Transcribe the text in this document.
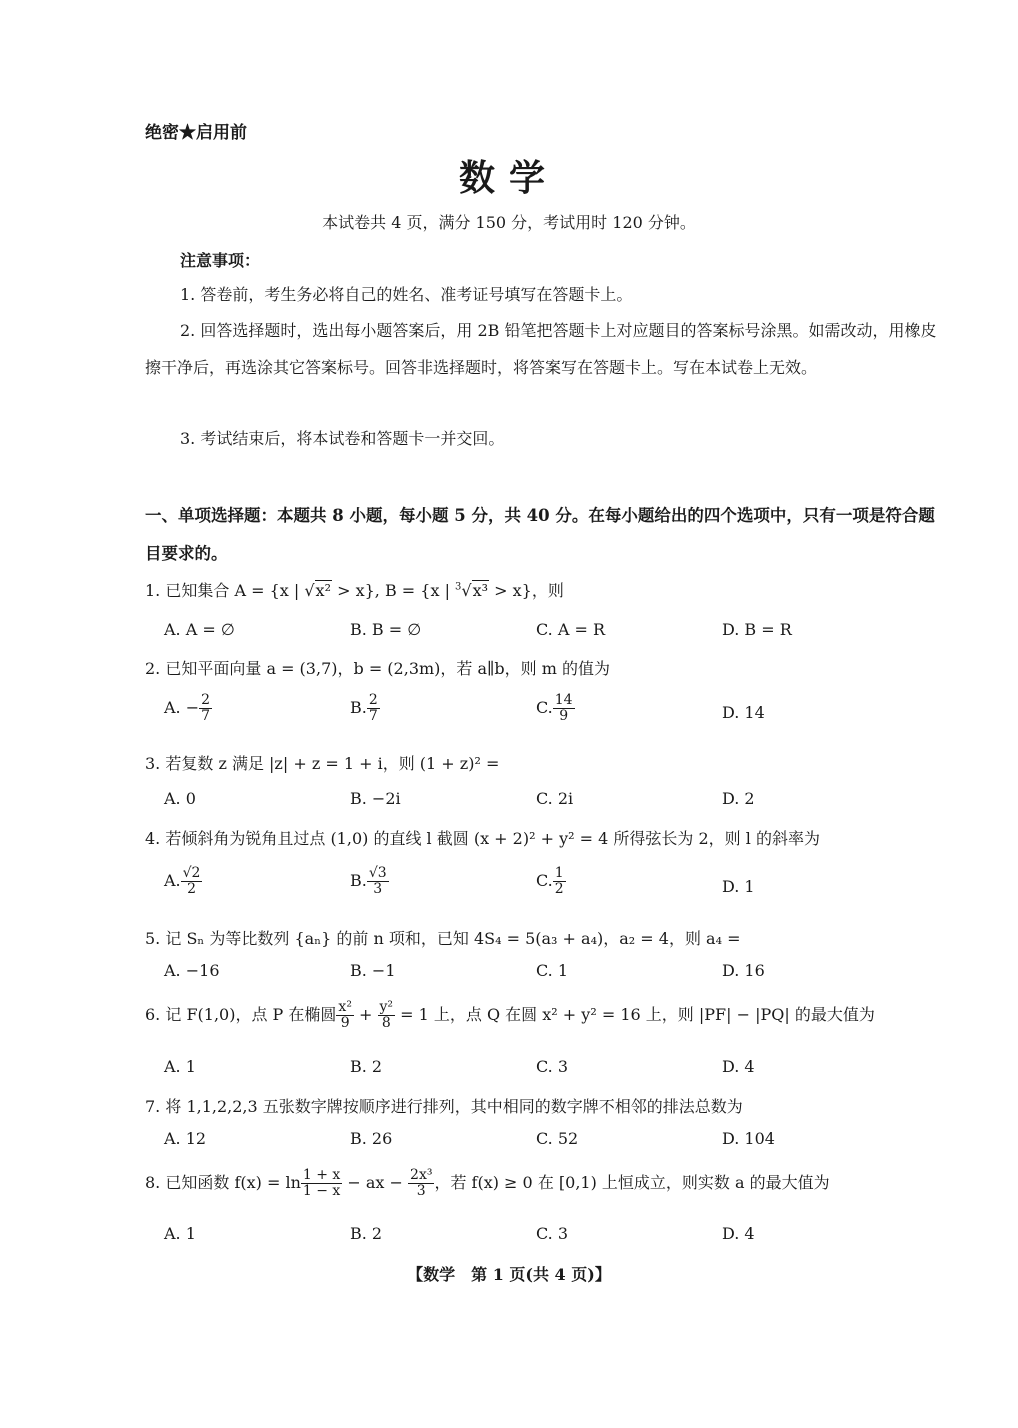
绝密★启用前
数学
本试卷共 4 页，满分 150 分，考试用时 120 分钟。
注意事项：
1. 答卷前，考生务必将自己的姓名、准考证号填写在答题卡上。
2. 回答选择题时，选出每小题答案后，用 2B 铅笔把答题卡上对应题目的答案标号涂黑。如需改动，用橡皮擦干净后，再选涂其它答案标号。回答非选择题时，将答案写在答题卡上。写在本试卷上无效。
3. 考试结束后，将本试卷和答题卡一并交回。
一、单项选择题：本题共 8 小题，每小题 5 分，共 40 分。在每小题给出的四个选项中，只有一项是符合题目要求的。
1. 已知集合 A = {x | √x² > x}, B = {x | $^3$√x³ > x}，则
A. A = ∅	B. B = ∅	C. A = R	D. B = R
2. 已知平面向量 a = (3,7)，b = (2,3m)，若 a∥b，则 m 的值为
A. − $\frac{2}{7}$	B. $\frac{2}{7}$	C. $\frac{14}{9}$	D. 14
3. 若复数 z 满足 |z| + z = 1 + i，则 (1 + z)² =
A. 0	B. −2i	C. 2i	D. 2
4. 若倾斜角为锐角且过点 (1,0) 的直线 l 截圆 (x + 2)² + y² = 4 所得弦长为 2，则 l 的斜率为
A. $\frac{√2}{2}$	B. $\frac{√3}{3}$	C. $\frac{1}{2}$	D. 1
5. 记 Sₙ 为等比数列 {aₙ} 的前 n 项和，已知 4S₄ = 5(a₃ + a₄)，a₂ = 4，则 a₄ =
A. −16	B. −1	C. 1	D. 16
6. 记 F(1,0)，点 P 在椭圆 $\frac{\text{x²}}{9} + \frac{\text{y²}}{8} = 1$ 上，点 Q 在圆 x² + y² = 16 上，则 |PF| − |PQ| 的最大值为
A. 1	B. 2	C. 3	D. 4
7. 将 1,1,2,2,3 五张数字牌按顺序进行排列，其中相同的数字牌不相邻的排法总数为
A. 12	B. 26	C. 52	D. 104
8. 已知函数 $f(x) = \ln \frac{1 + x}{1 - x}$ − ax − $\frac{\text{2x³}}{3}$ ，若 f(x) ≥ 0 在 [0,1) 上恒成立，则实数 a 的最大值为
A. 1	B. 2	C. 3	D. 4
【数学　第 1 页(共 4 页)】
